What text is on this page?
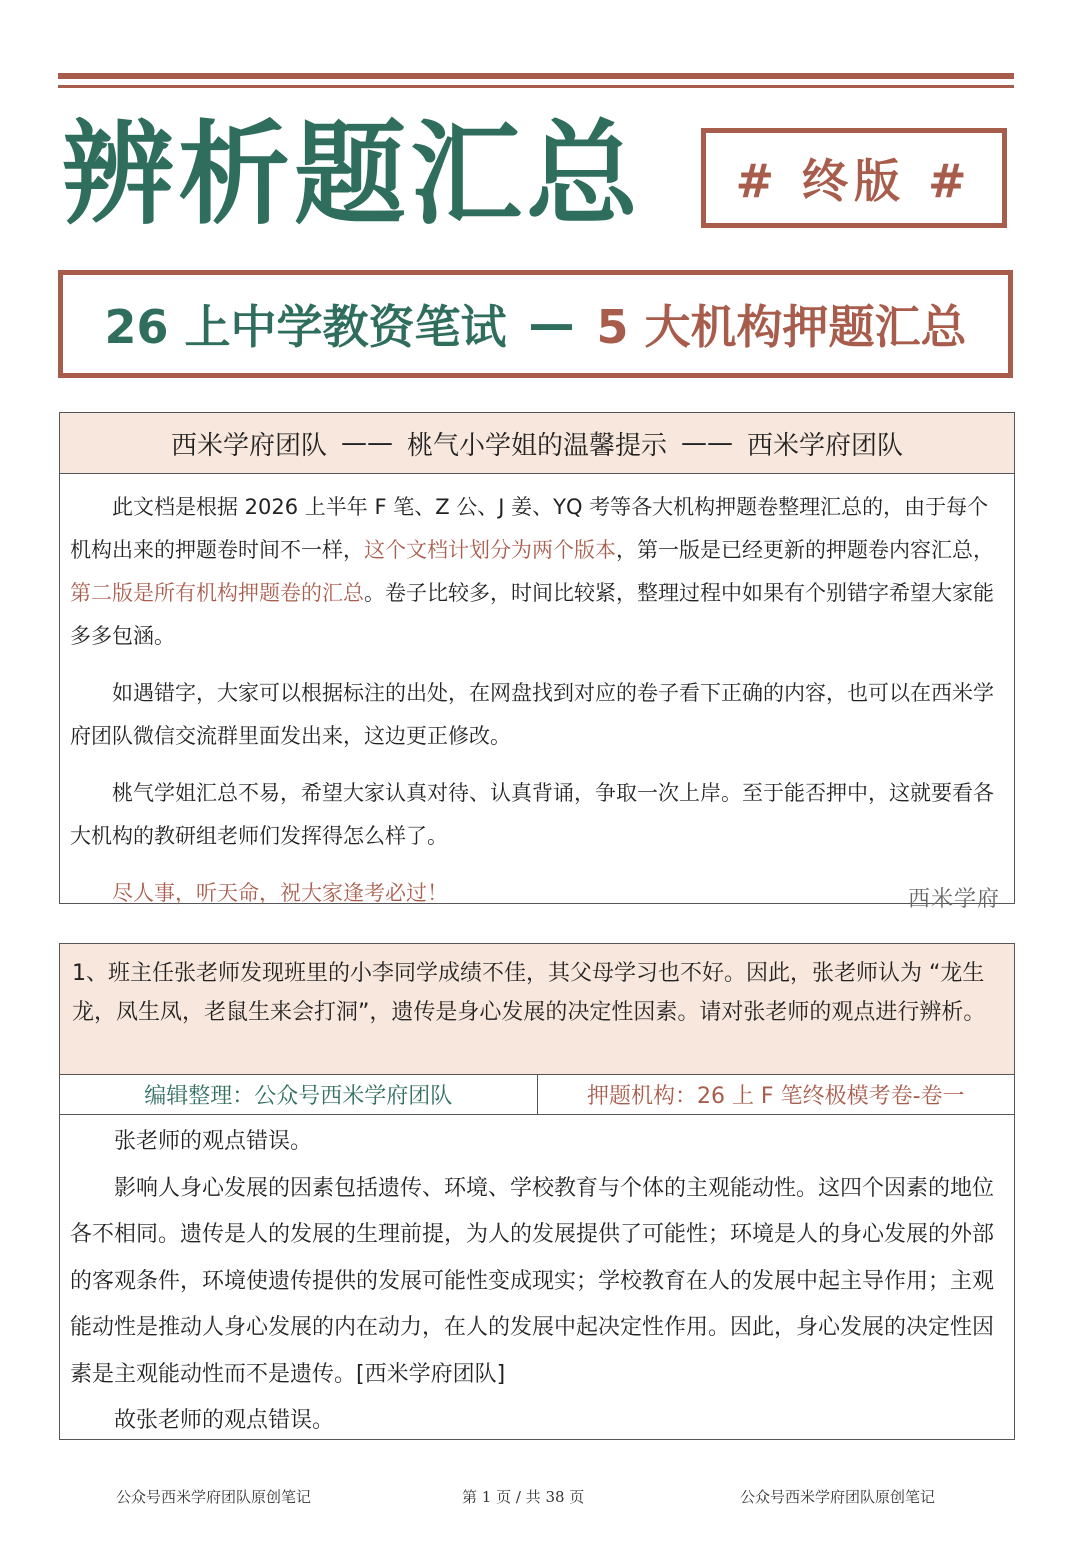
辨析题汇总	# 终版 #
26 上中学教资笔试 — 5 大机构押题汇总
西米学府团队 —— 桃气小学姐的温馨提示 —— 西米学府团队

此文档是根据 2026 上半年 F 笔、Z 公、J 姜、YQ 考等各大机构押题卷整理汇总的，由于每个机构出来的押题卷时间不一样，这个文档计划分为两个版本，第一版是已经更新的押题卷内容汇总，第二版是所有机构押题卷的汇总。卷子比较多，时间比较紧，整理过程中如果有个别错字希望大家能多多包涵。

如遇错字，大家可以根据标注的出处，在网盘找到对应的卷子看下正确的内容，也可以在西米学府团队微信交流群里面发出来，这边更正修改。

桃气学姐汇总不易，希望大家认真对待、认真背诵，争取一次上岸。至于能否押中，这就要看各大机构的教研组老师们发挥得怎么样了。

尽人事，听天命，祝大家逢考必过！	西米学府
1、班主任张老师发现班里的小李同学成绩不佳，其父母学习也不好。因此，张老师认为 “龙生龙，凤生凤，老鼠生来会打洞”，遗传是身心发展的决定性因素。请对张老师的观点进行辨析。
编辑整理：公众号西米学府团队	押题机构：26 上 F 笔终极模考卷-卷一

张老师的观点错误。

影响人身心发展的因素包括遗传、环境、学校教育与个体的主观能动性。这四个因素的地位各不相同。遗传是人的发展的生理前提，为人的发展提供了可能性；环境是人的身心发展的外部的客观条件，环境使遗传提供的发展可能性变成现实；学校教育在人的发展中起主导作用；主观能动性是推动人身心发展的内在动力，在人的发展中起决定性作用。因此，身心发展的决定性因素是主观能动性而不是遗传。[西米学府团队]

故张老师的观点错误。

公众号西米学府团队原创笔记	第 1 页 / 共 38 页	公众号西米学府团队原创笔记
